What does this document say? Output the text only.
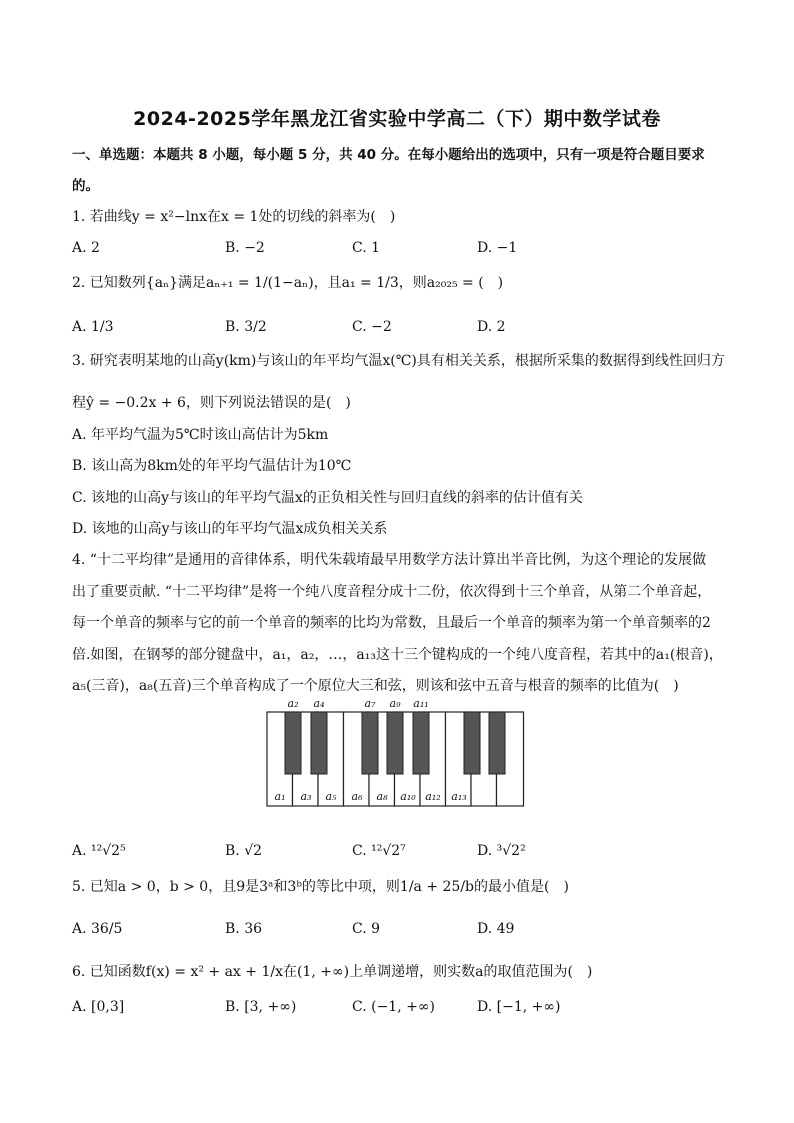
2024-2025学年黑龙江省实验中学高二（下）期中数学试卷
一、单选题：本题共 8 小题，每小题 5 分，共 40 分。在每小题给出的选项中，只有一项是符合题目要求
的。
1. 若曲线y = x²−lnx在x = 1处的切线的斜率为(　)
A. 2	B. −2	C. 1	D. −1
2. 已知数列{aₙ}满足aₙ₊₁ = 1/(1−aₙ)，且a₁ = 1/3，则a₂₀₂₅ = (　)
A. 1/3	B. 3/2	C. −2	D. 2
3. 研究表明某地的山高y(km)与该山的年平均气温x(℃)具有相关关系，根据所采集的数据得到线性回归方
程ŷ = −0.2x + 6，则下列说法错误的是(　)
A. 年平均气温为5℃时该山高估计为5km
B. 该山高为8km处的年平均气温估计为10℃
C. 该地的山高y与该山的年平均气温x的正负相关性与回归直线的斜率的估计值有关
D. 该地的山高y与该山的年平均气温x成负相关关系
4. “十二平均律”是通用的音律体系，明代朱载堉最早用数学方法计算出半音比例，为这个理论的发展做
出了重要贡献. “十二平均律”是将一个纯八度音程分成十二份，依次得到十三个单音，从第二个单音起，
每一个单音的频率与它的前一个单音的频率的比均为常数，且最后一个单音的频率为第一个单音频率的2
倍.如图，在钢琴的部分键盘中，a₁，a₂，…，a₁₃这十三个键构成的一个纯八度音程，若其中的a₁(根音)，
a₅(三音)，a₈(五音)三个单音构成了一个原位大三和弦，则该和弦中五音与根音的频率的比值为(　)
a₂ a₄	a₇ a₉ a₁₁
a₁ a₃ a₅ a₆ a₈ a₁₀ a₁₂ a₁₃
A. ¹²√2⁵	B. √2	C. ¹²√2⁷	D. ³√2²
5. 已知a > 0，b > 0，且9是3ᵃ和3ᵇ的等比中项，则1/a + 25/b的最小值是(　)
A. 36/5	B. 36	C. 9	D. 49
6. 已知函数f(x) = x² + ax + 1/x在(1, +∞)上单调递增，则实数a的取值范围为(　)
A. [0,3]	B. [3, +∞)	C. (−1, +∞)	D. [−1, +∞)
